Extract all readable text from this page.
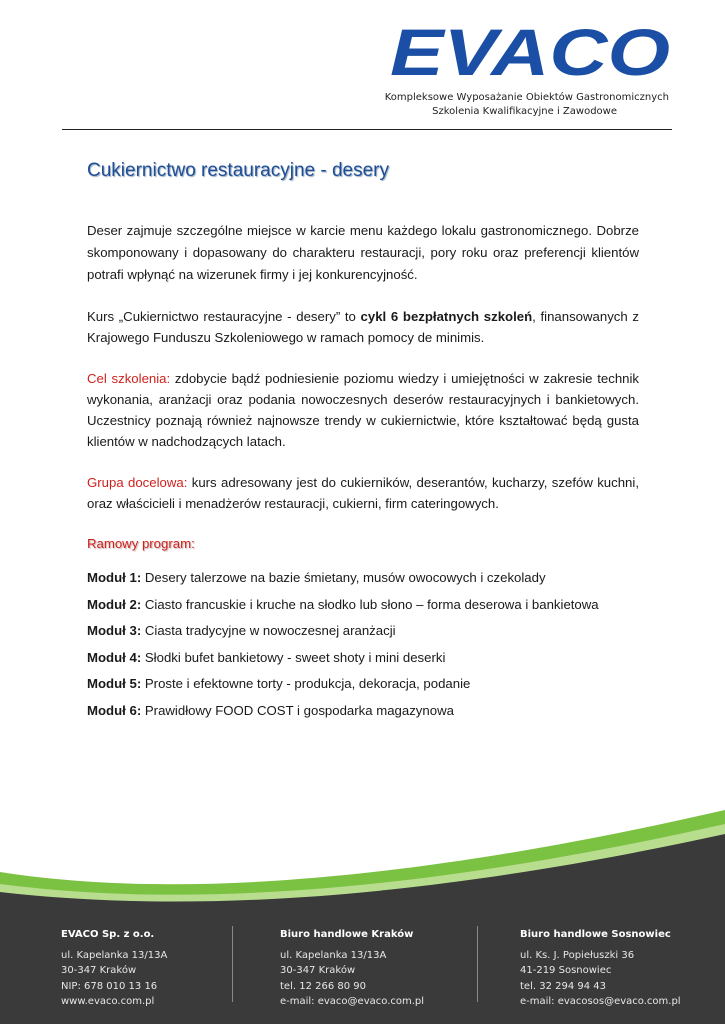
EVACO
Kompleksowe Wyposażanie Obiektów Gastronomicznych
Szkolenia Kwalifikacyjne i Zawodowe
Cukiernictwo restauracyjne - desery

Deser zajmuje szczególne miejsce w karcie menu każdego lokalu gastronomicznego. Dobrze skomponowany i dopasowany do charakteru restauracji, pory roku oraz preferencji klientów potrafi wpłynąć na wizerunek firmy i jej konkurencyjność.

Kurs „Cukiernictwo restauracyjne - desery” to cykl 6 bezpłatnych szkoleń, finansowanych z Krajowego Funduszu Szkoleniowego w ramach pomocy de minimis.

Cel szkolenia: zdobycie bądź podniesienie poziomu wiedzy i umiejętności w zakresie technik wykonania, aranżacji oraz podania nowoczesnych deserów restauracyjnych i bankietowych. Uczestnicy poznają również najnowsze trendy w cukiernictwie, które kształtować będą gusta klientów w nadchodzących latach.

Grupa docelowa: kurs adresowany jest do cukierników, deserantów, kucharzy, szefów kuchni, oraz właścicieli i menadżerów restauracji, cukierni, firm cateringowych.

Ramowy program:
Moduł 1: Desery talerzowe na bazie śmietany, musów owocowych i czekolady
Moduł 2: Ciasto francuskie i kruche na słodko lub słono – forma deserowa i bankietowa
Moduł 3: Ciasta tradycyjne w nowoczesnej aranżacji
Moduł 4: Słodki bufet bankietowy - sweet shoty i mini deserki
Moduł 5: Proste i efektowne torty - produkcja, dekoracja, podanie
Moduł 6: Prawidłowy FOOD COST i gospodarka magazynowa
EVACO Sp. z o.o.
ul. Kapelanka 13/13A
30-347 Kraków
NIP: 678 010 13 16
www.evaco.com.pl
Biuro handlowe Kraków
ul. Kapelanka 13/13A
30-347 Kraków
tel. 12 266 80 90
e-mail: evaco@evaco.com.pl
Biuro handlowe Sosnowiec
ul. Ks. J. Popiełuszki 36
41-219 Sosnowiec
tel. 32 294 94 43
e-mail: evacosos@evaco.com.pl
